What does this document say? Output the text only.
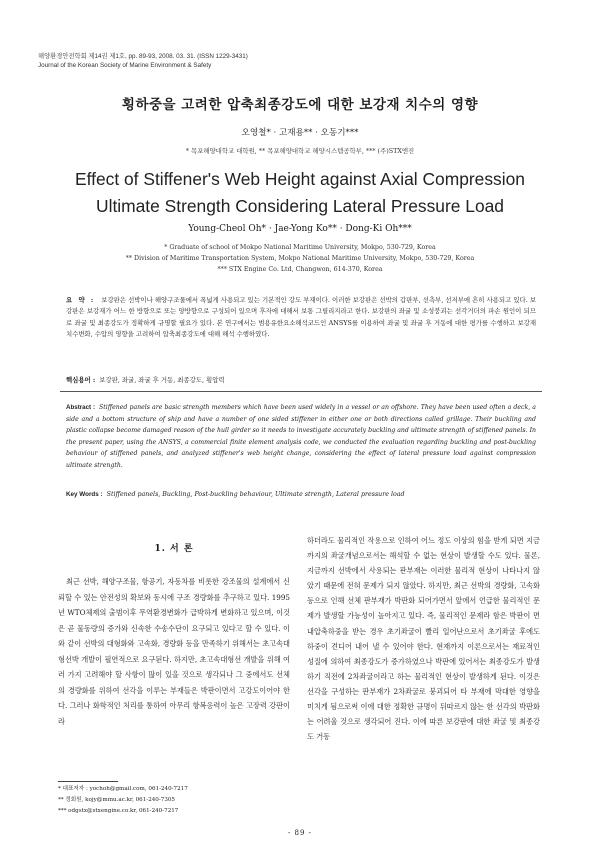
해양환경안전학회 제14권 제1호, pp. 89-93, 2008. 03. 31. (ISSN 1229-3431)
Journal of the Korean Society of Marine Environment & Safety
횡하중을 고려한 압축최종강도에 대한 보강재 치수의 영향
오영철* · 고재용** · 오동기***
* 목포해양대학교 대학원, ** 목포해양대학교 해양시스템공학부, *** (주)STX엔진
Effect of Stiffener's Web Height against Axial Compression
Ultimate Strength Considering Lateral Pressure Load
Young-Cheol Oh* · Jae-Yong Ko** · Dong-Ki Oh***
* Graduate of school of Mokpo National Maritime University, Mokpo, 530-729, Korea
** Division of Maritime Transportation System, Mokpo National Maritime University, Mokpo, 530-729, Korea
*** STX Engine Co. Ltd, Changwon, 614-370, Korea
요 약 : 보강판은 선박이나 해양구조물에서 폭넓게 사용되고 있는 기본적인 강도 부재이다. 이러한 보강판은 선박의 갑판부, 선측부, 선저부에 흔히 사용되고 있다. 보강판은 보강재가 어느 한 방향으로 또는 양방향으로 구성되어 있으며 후자에 대해서 보통 그릴리지라고 한다. 보강판의 좌굴 및 소성붕괴는 선각거더의 파손 원인이 되므로 좌굴 및 최종강도가 정확하게 규명할 필요가 있다. 본 연구에서는 범용유한요소해석코드인 ANSYS를 이용하여 좌굴 및 좌굴 후 거동에 대한 평가를 수행하고 보강재 치수변화, 수압의 영향을 고려하여 압축최종강도에 대해 해석 수행하였다.
핵심용어 : 보강판, 좌굴, 좌굴 후 거동, 최종강도, 횡압력
Abstract : Stiffened panels are basic strength members which have been used widely in a vessel or an offshore. They have been used often a deck, a side and a bottom structure of ship and have a number of one sided stiffener in either one or both directions called grillage. Their buckling and plastic collapse become damaged reason of the hull girder so it needs to investigate accurately buckling and ultimate strength of stiffened panels. In the present paper, using the ANSYS, a commercial finite element analysis code, we conducted the evaluation regarding buckling and post-buckling behaviour of stiffened panels, and analyzed stiffener's web height change, considering the effect of lateral pressure load against compression ultimate strength.
Key Words : Stiffened panels, Buckling, Post-buckling behaviour, Ultimate strength, Lateral pressure load
1. 서 론
최근 선박, 해양구조물, 항공기, 자동차를 비롯한 강조물의 설계에서 신뢰할 수 있는 안전성의 확보와 동시에 구조 경량화를 추구하고 있다. 1995년 WTO체제의 출범이후 무역환경변화가 급박하게 변화하고 있으며, 이것은 곧 물동량의 증가와 신속한 수송수단이 요구되고 있다고 할 수 있다. 이와 같이 선박의 대형화와 고속화, 경량화 등을 만족하기 위해서는 초고속대형선박 개발이 필연적으로 요구된다. 하지만, 초고속대형선 개발을 위해 여러 가지 고려해야 할 사항이 많이 있을 것으로 생각되나 그 중에서도 선체의 경량화를 위하여 선각을 이루는 부재들은 박판이면서 고강도이어야 한다. 그러나 화학적인 처리를 통하여 아무리 항복응력이 높은 고장력 강판이라
하더라도 물리적인 작용으로 인하여 어느 정도 이상의 힘을 받게 되면 지금까지의 좌굴개념으로서는 해석할 수 없는 현상이 발생할 수도 있다. 물론, 지금까지 선박에서 사용되는 판부재는 이러한 물리적 현상이 나타나지 않았기 때문에 전혀 문제가 되지 않았다. 하지만, 최근 선박의 경량화, 고속화 등으로 인해 선체 판부재가 박판화 되어가면서 앞에서 언급한 물리적인 문제가 발생할 가능성이 높아지고 있다. 즉, 물리적인 문제라 함은 박판이 면내압축하중을 받는 경우 초기좌굴이 빨리 일어난으로서 초기좌굴 후에도 하중이 견디어 내어 낼 수 있어야 한다. 현재까지 이론으로서는 재료적인 성질에 의하여 최종강도가 증가하였으나 박판에 있어서는 최종강도가 발생하기 직전에 2차좌굴이라고 하는 물리적인 현상이 발생하게 된다. 이것은 선각을 구성하는 판부재가 2차좌굴로 붕괴되어 타 부재에 막대한 영향을 미치게 됨으로써 이에 대한 정확한 규명이 뒤따르지 않는 한 선각의 박판화는 어려울 것으로 생각되어 진다. 이에 따른 보강판에 대한 좌굴 및 최종강도 거동
* 대표저자 : yochoh@gmail.com, 061-240-7217
** 정회원, kojy@mmu.ac.kr, 061-240-7305
*** odgstx@stxengine.co.kr, 061-240-7217
- 89 -
